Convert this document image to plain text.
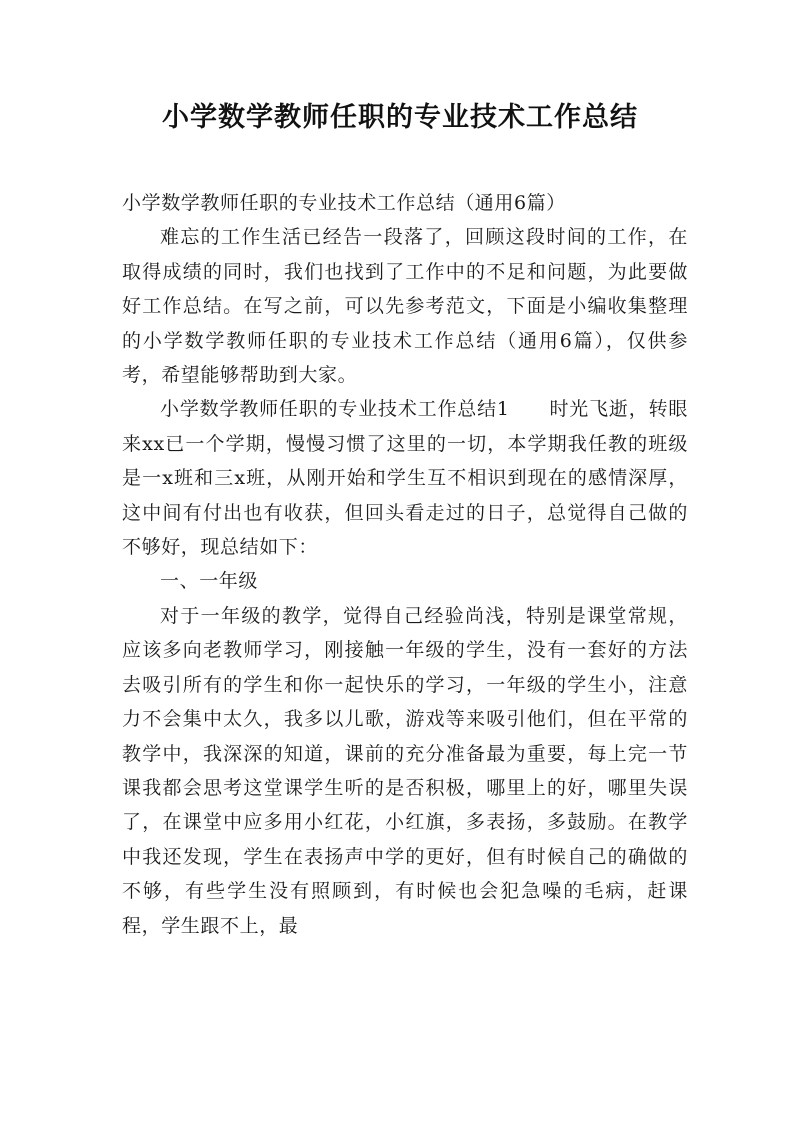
小学数学教师任职的专业技术工作总结

小学数学教师任职的专业技术工作总结（通用6篇）

难忘的工作生活已经告一段落了，回顾这段时间的工作，在取得成绩的同时，我们也找到了工作中的不足和问题，为此要做好工作总结。在写之前，可以先参考范文，下面是小编收集整理的小学数学教师任职的专业技术工作总结（通用6篇），仅供参考，希望能够帮助到大家。

小学数学教师任职的专业技术工作总结1　　时光飞逝，转眼来xx已一个学期，慢慢习惯了这里的一切，本学期我任教的班级是一x班和三x班，从刚开始和学生互不相识到现在的感情深厚，这中间有付出也有收获，但回头看走过的日子，总觉得自己做的不够好，现总结如下：

一、一年级

对于一年级的教学，觉得自己经验尚浅，特别是课堂常规，应该多向老教师学习，刚接触一年级的学生，没有一套好的方法去吸引所有的学生和你一起快乐的学习，一年级的学生小，注意力不会集中太久，我多以儿歌，游戏等来吸引他们，但在平常的教学中，我深深的知道，课前的充分准备最为重要，每上完一节课我都会思考这堂课学生听的是否积极，哪里上的好，哪里失误了，在课堂中应多用小红花，小红旗，多表扬，多鼓励。在教学中我还发现，学生在表扬声中学的更好，但有时候自己的确做的不够，有些学生没有照顾到，有时候也会犯急噪的毛病，赶课程，学生跟不上，最
